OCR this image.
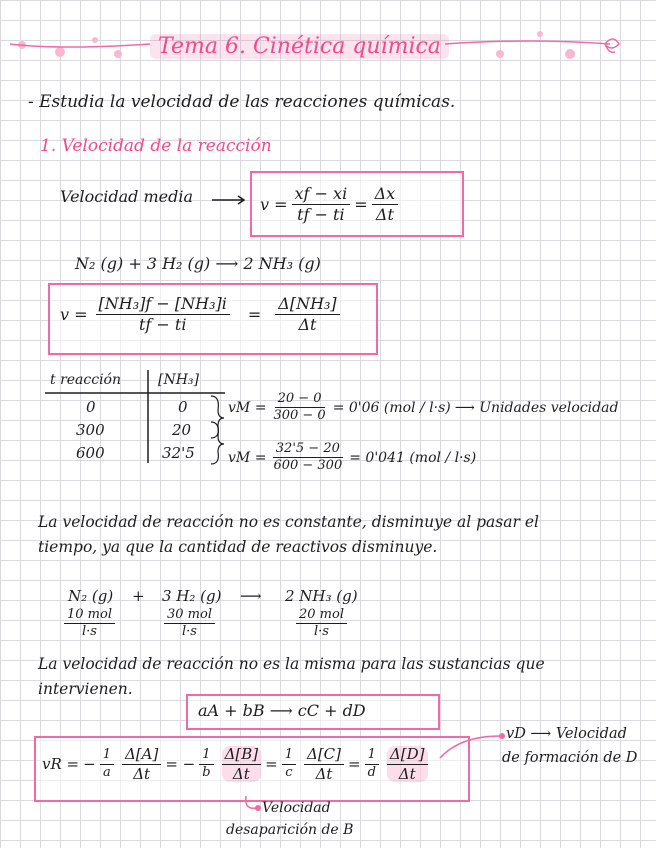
Tema 6. Cinética química
- Estudia la velocidad de las reacciones químicas.
1. Velocidad de la reacción
Velocidad media	$v = \frac{xf - xi}{tf - ti} = \frac{\Delta x}{\Delta t}$
N₂ (g) + 3 H₂ (g) ⟶ 2 NH₃ (g)
$v = \frac{\text{[NH₃]f − [NH₃]i}}{tf - ti} = \frac{\text{Δ[NH₃]}}{\Delta t}$
t reacción	[NH₃]
0	0
300	20
600	32'5
vM = $\frac{20 - 0}{300 - 0} = 0'06$ (mol / l·s) ⟶ Unidades velocidad
vM = $\frac{32'5 - 20}{600 - 300} = 0'041$ (mol / l·s)
La velocidad de reacción no es constante, disminuye al pasar el
tiempo, ya que la cantidad de reactivos disminuye.
N₂ (g) + 3 H₂ (g) ⟶ 2 NH₃ (g)
10 mol
l·s
30 mol
l·s
20 mol
l·s
La velocidad de reacción no es la misma para las sustancias que
intervienen.
aA + bB ⟶ cC + dD
vR = − $\frac{1}{a} \frac{\Delta[A]}{\Delta t}$ = − $\frac{1}{b} \frac{\Delta[B]}{\Delta t} = \frac{1}{c} \frac{\Delta[C]}{\Delta t} = \frac{1}{d} \frac{\Delta[D]}{\Delta t}$
vD ⟶ Velocidad
de formación de D
Velocidad
desaparición de B
